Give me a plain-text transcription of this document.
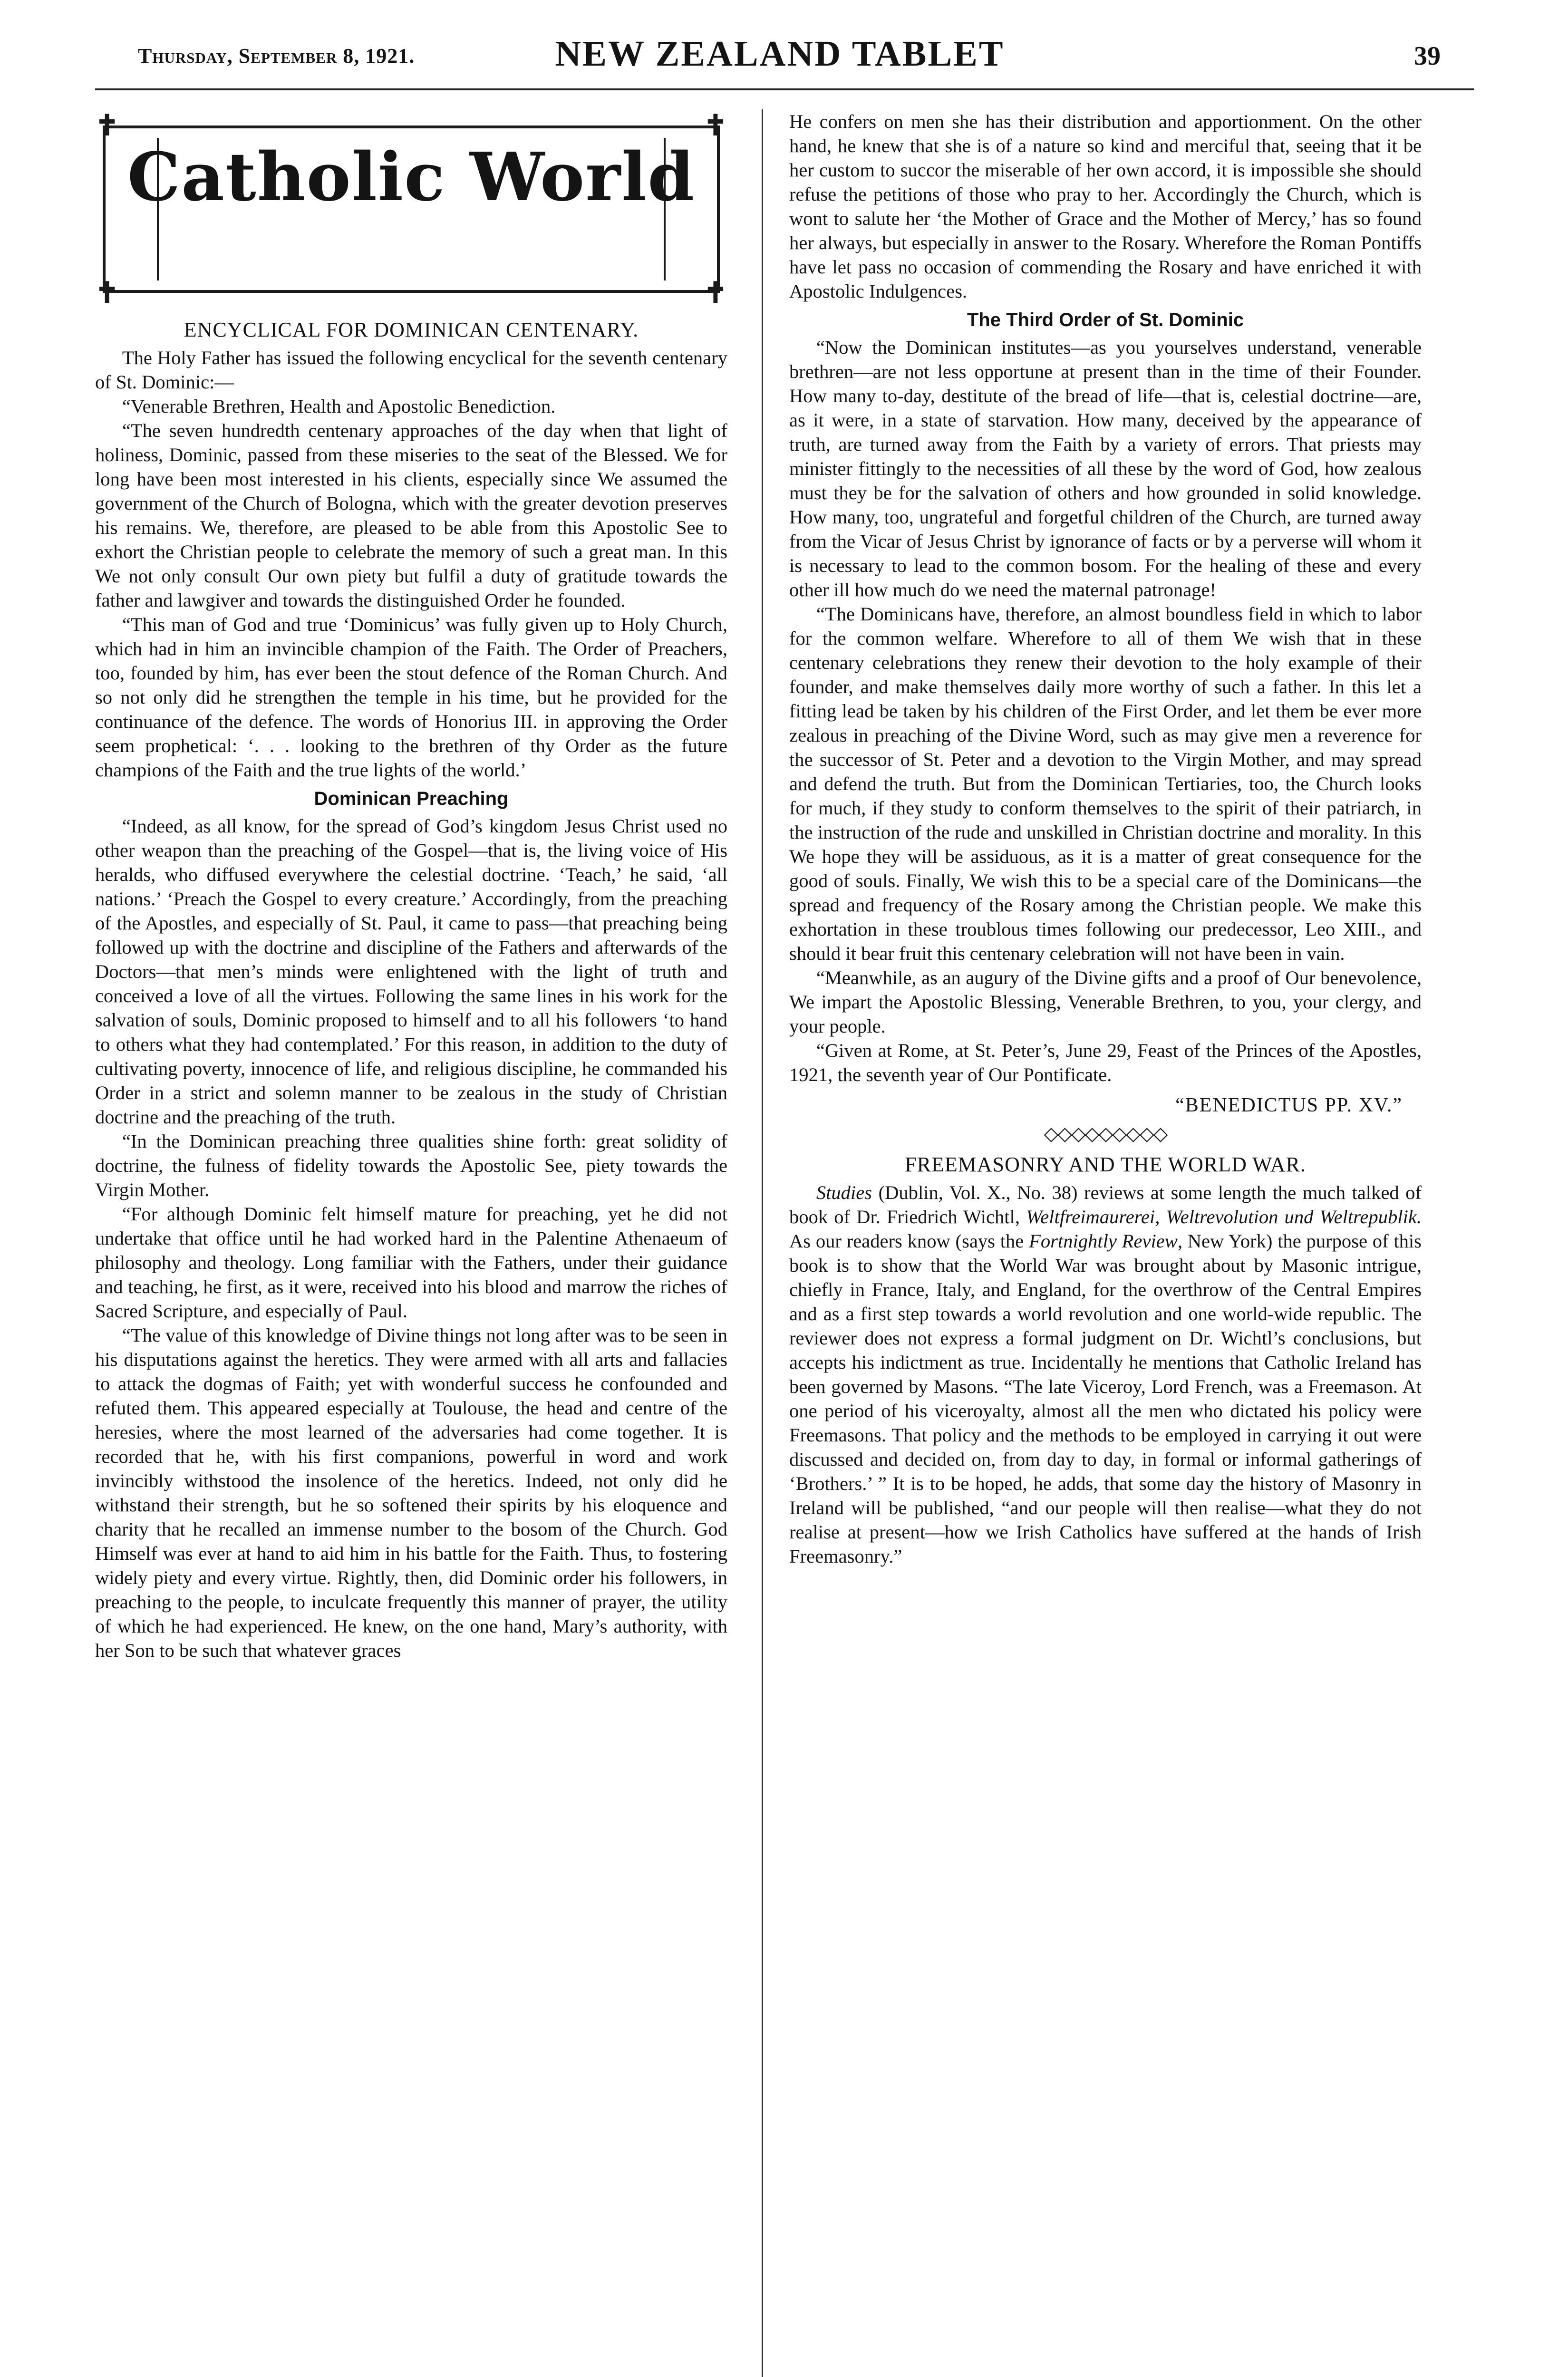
Thursday, September 8, 1921.	NEW ZEALAND TABLET	39
✝	✝
✝	✝
Catholic World
ENCYCLICAL FOR DOMINICAN CENTENARY.

The Holy Father has issued the following encyclical for the seventh centenary of St. Dominic:—

“Venerable Brethren, Health and Apostolic Benediction.

“The seven hundredth centenary approaches of the day when that light of holiness, Dominic, passed from these miseries to the seat of the Blessed. We for long have been most interested in his clients, especially since We assumed the government of the Church of Bologna, which with the greater devotion preserves his remains. We, therefore, are pleased to be able from this Apostolic See to exhort the Christian people to celebrate the memory of such a great man. In this We not only consult Our own piety but fulfil a duty of gratitude towards the father and lawgiver and towards the distinguished Order he founded.

“This man of God and true ‘Dominicus’ was fully given up to Holy Church, which had in him an invincible champion of the Faith. The Order of Preachers, too, founded by him, has ever been the stout defence of the Roman Church. And so not only did he strengthen the temple in his time, but he provided for the continuance of the defence. The words of Honorius III. in approving the Order seem prophetical: ‘. . . looking to the brethren of thy Order as the future champions of the Faith and the true lights of the world.’

Dominican Preaching

“Indeed, as all know, for the spread of God’s kingdom Jesus Christ used no other weapon than the preaching of the Gospel—that is, the living voice of His heralds, who diffused everywhere the celestial doctrine. ‘Teach,’ he said, ‘all nations.’ ‘Preach the Gospel to every creature.’ Accordingly, from the preaching of the Apostles, and especially of St. Paul, it came to pass—that preaching being followed up with the doctrine and discipline of the Fathers and afterwards of the Doctors—that men’s minds were enlightened with the light of truth and conceived a love of all the virtues. Following the same lines in his work for the salvation of souls, Dominic proposed to himself and to all his followers ‘to hand to others what they had contemplated.’ For this reason, in addition to the duty of cultivating poverty, innocence of life, and religious discipline, he commanded his Order in a strict and solemn manner to be zealous in the study of Christian doctrine and the preaching of the truth.

“In the Dominican preaching three qualities shine forth: great solidity of doctrine, the fulness of fidelity towards the Apostolic See, piety towards the Virgin Mother.

“For although Dominic felt himself mature for preaching, yet he did not undertake that office until he had worked hard in the Palentine Athenaeum of philosophy and theology. Long familiar with the Fathers, under their guidance and teaching, he first, as it were, received into his blood and marrow the riches of Sacred Scripture, and especially of Paul.

“The value of this knowledge of Divine things not long after was to be seen in his disputations against the heretics. They were armed with all arts and fallacies to attack the dogmas of Faith; yet with wonderful success he confounded and refuted them. This appeared especially at Toulouse, the head and centre of the heresies, where the most learned of the adversaries had come together. It is recorded that he, with his first companions, powerful in word and work invincibly withstood the insolence of the heretics. Indeed, not only did he withstand their strength, but he so softened their spirits by his eloquence and charity that he recalled an immense number to the bosom of the Church. God Himself was ever at hand to aid him in his battle for the Faith. Thus, to fostering widely piety and every virtue. Rightly, then, did Dominic order his followers, in preaching to the people, to inculcate frequently this manner of prayer, the utility of which he had experienced. He knew, on the one hand, Mary’s authority, with her Son to be such that whatever graces

He confers on men she has their distribution and apportionment. On the other hand, he knew that she is of a nature so kind and merciful that, seeing that it be her custom to succor the miserable of her own accord, it is impossible she should refuse the petitions of those who pray to her. Accordingly the Church, which is wont to salute her ‘the Mother of Grace and the Mother of Mercy,’ has so found her always, but especially in answer to the Rosary. Wherefore the Roman Pontiffs have let pass no occasion of commending the Rosary and have enriched it with Apostolic Indulgences.

The Third Order of St. Dominic

“Now the Dominican institutes—as you yourselves understand, venerable brethren—are not less opportune at present than in the time of their Founder. How many to-day, destitute of the bread of life—that is, celestial doctrine—are, as it were, in a state of starvation. How many, deceived by the appearance of truth, are turned away from the Faith by a variety of errors. That priests may minister fittingly to the necessities of all these by the word of God, how zealous must they be for the salvation of others and how grounded in solid knowledge. How many, too, ungrateful and forgetful children of the Church, are turned away from the Vicar of Jesus Christ by ignorance of facts or by a perverse will whom it is necessary to lead to the common bosom. For the healing of these and every other ill how much do we need the maternal patronage!

“The Dominicans have, therefore, an almost boundless field in which to labor for the common welfare. Wherefore to all of them We wish that in these centenary celebrations they renew their devotion to the holy example of their founder, and make themselves daily more worthy of such a father. In this let a fitting lead be taken by his children of the First Order, and let them be ever more zealous in preaching of the Divine Word, such as may give men a reverence for the successor of St. Peter and a devotion to the Virgin Mother, and may spread and defend the truth. But from the Dominican Tertiaries, too, the Church looks for much, if they study to conform themselves to the spirit of their patriarch, in the instruction of the rude and unskilled in Christian doctrine and morality. In this We hope they will be assiduous, as it is a matter of great consequence for the good of souls. Finally, We wish this to be a special care of the Dominicans—the spread and frequency of the Rosary among the Christian people. We make this exhortation in these troublous times following our predecessor, Leo XIII., and should it bear fruit this centenary celebration will not have been in vain.

“Meanwhile, as an augury of the Divine gifts and a proof of Our benevolence, We impart the Apostolic Blessing, Venerable Brethren, to you, your clergy, and your people.

“Given at Rome, at St. Peter’s, June 29, Feast of the Princes of the Apostles, 1921, the seventh year of Our Pontificate.

“BENEDICTUS PP. XV.”
◇◇◇◇◇◇◇◇◇
FREEMASONRY AND THE WORLD WAR.

Studies (Dublin, Vol. X., No. 38) reviews at some length the much talked of book of Dr. Friedrich Wichtl, Weltfreimaurerei, Weltrevolution und Weltrepublik. As our readers know (says the Fortnightly Review, New York) the purpose of this book is to show that the World War was brought about by Masonic intrigue, chiefly in France, Italy, and England, for the overthrow of the Central Empires and as a first step towards a world revolution and one world-wide republic. The reviewer does not express a formal judgment on Dr. Wichtl’s conclusions, but accepts his indictment as true. Incidentally he mentions that Catholic Ireland has been governed by Masons. “The late Viceroy, Lord French, was a Freemason. At one period of his viceroyalty, almost all the men who dictated his policy were Freemasons. That policy and the methods to be employed in carrying it out were discussed and decided on, from day to day, in formal or informal gatherings of ‘Brothers.’ ” It is to be hoped, he adds, that some day the history of Masonry in Ireland will be published, “and our people will then realise—what they do not realise at present—how we Irish Catholics have suffered at the hands of Irish Freemasonry.”
